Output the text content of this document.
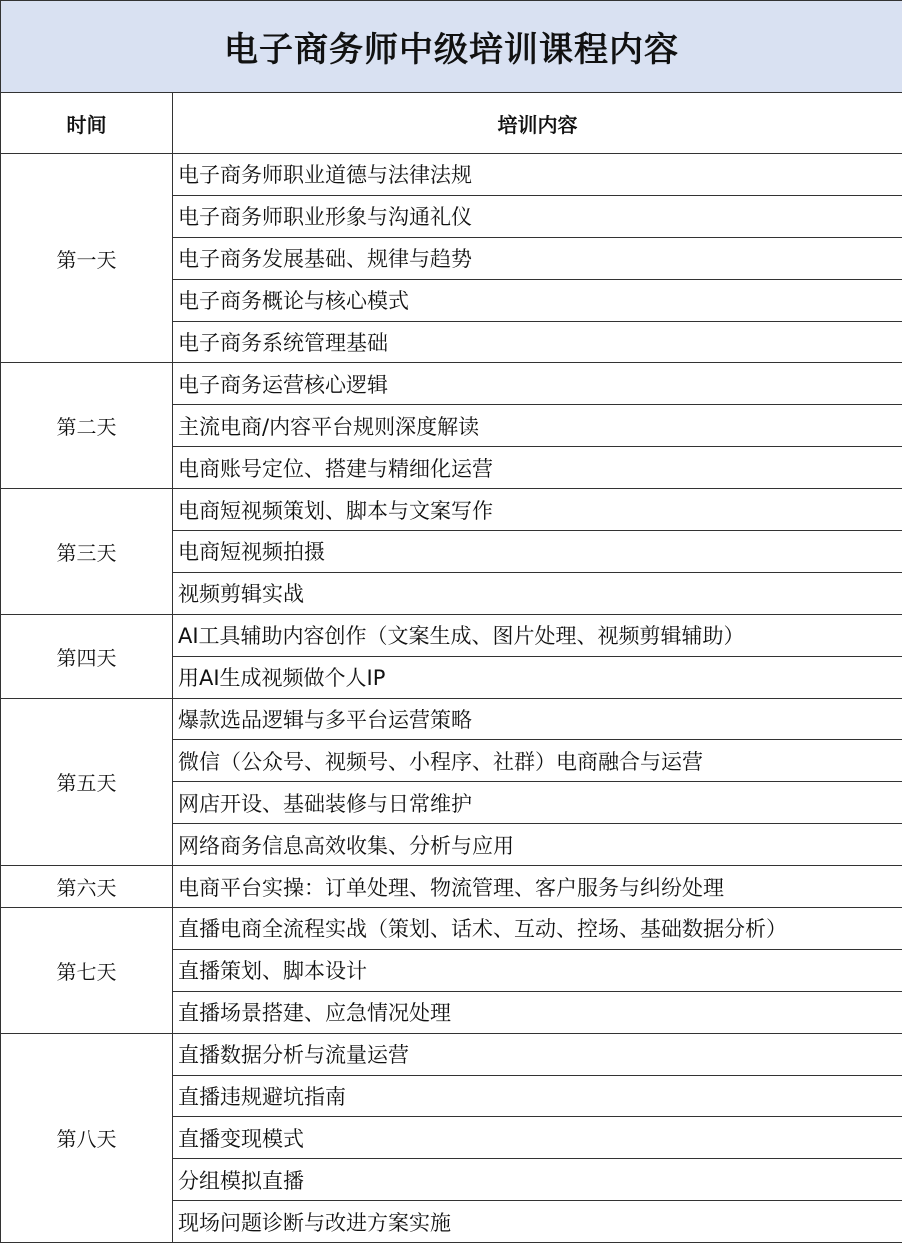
电子商务师中级培训课程内容	
时间	培训内容
第一天	电子商务师职业道德与法律法规
	电子商务师职业形象与沟通礼仪
	电子商务发展基础、规律与趋势
	电子商务概论与核心模式
	电子商务系统管理基础
第二天	电子商务运营核心逻辑
	主流电商/内容平台规则深度解读
	电商账号定位、搭建与精细化运营
第三天	电商短视频策划、脚本与文案写作
	电商短视频拍摄
	视频剪辑实战
第四天	AI工具辅助内容创作（文案生成、图片处理、视频剪辑辅助）
	用AI生成视频做个人IP
第五天	爆款选品逻辑与多平台运营策略
	微信（公众号、视频号、小程序、社群）电商融合与运营
	网店开设、基础装修与日常维护
	网络商务信息高效收集、分析与应用
第六天	电商平台实操：订单处理、物流管理、客户服务与纠纷处理
第七天	直播电商全流程实战（策划、话术、互动、控场、基础数据分析）
	直播策划、脚本设计
	直播场景搭建、应急情况处理
第八天	直播数据分析与流量运营
	直播违规避坑指南
	直播变现模式
	分组模拟直播
	现场问题诊断与改进方案实施
